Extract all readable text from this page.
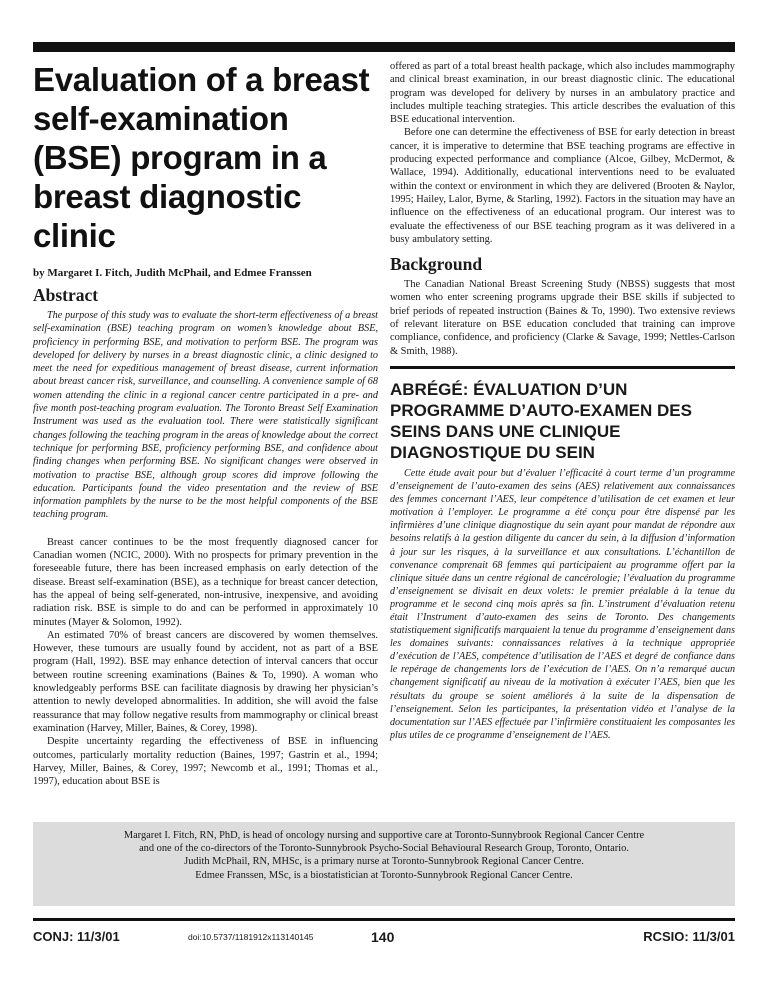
Evaluation of a breast self-examination (BSE) program in a breast diagnostic clinic
by Margaret I. Fitch, Judith McPhail, and Edmee Franssen
Abstract

The purpose of this study was to evaluate the short-term effectiveness of a breast self-examination (BSE) teaching program on women’s knowledge about BSE, proficiency in performing BSE, and motivation to perform BSE. The program was developed for delivery by nurses in a breast diagnostic clinic, a clinic designed to meet the need for expeditious management of breast disease, current information about breast cancer risk, surveillance, and counselling. A convenience sample of 68 women attending the clinic in a regional cancer centre participated in a pre- and five month post-teaching program evaluation. The Toronto Breast Self Examination Instrument was used as the evaluation tool. There were statistically significant changes following the teaching program in the areas of knowledge about the correct technique for performing BSE, proficiency performing BSE, and confidence about finding changes when performing BSE. No significant changes were observed in motivation to practise BSE, although group scores did improve following the education. Participants found the video presentation and the review of BSE information pamphlets by the nurse to be the most helpful components of the BSE teaching program.

Breast cancer continues to be the most frequently diagnosed cancer for Canadian women (NCIC, 2000). With no prospects for primary prevention in the foreseeable future, there has been increased emphasis on early detection of the disease. Breast self-examination (BSE), as a technique for breast cancer detection, has the appeal of being self-generated, non-intrusive, inexpensive, and avoiding radiation risk. BSE is simple to do and can be performed in approximately 10 minutes (Mayer & Solomon, 1992).

An estimated 70% of breast cancers are discovered by women themselves. However, these tumours are usually found by accident, not as part of a BSE program (Hall, 1992). BSE may enhance detection of interval cancers that occur between routine screening examinations (Baines & To, 1990). A woman who knowledgeably performs BSE can facilitate diagnosis by drawing her physician’s attention to newly developed abnormalities. In addition, she will avoid the false reassurance that may follow negative results from mammography or clinical breast examination (Harvey, Miller, Baines, & Corey, 1998).

Despite uncertainty regarding the effectiveness of BSE in influencing outcomes, particularly mortality reduction (Baines, 1997; Gastrin et al., 1994; Harvey, Miller, Baines, & Corey, 1997; Newcomb et al., 1991; Thomas et al., 1997), education about BSE is

offered as part of a total breast health package, which also includes mammography and clinical breast examination, in our breast diagnostic clinic. The educational program was developed for delivery by nurses in an ambulatory practice and includes multiple teaching strategies. This article describes the evaluation of this BSE educational intervention.

Before one can determine the effectiveness of BSE for early detection in breast cancer, it is imperative to determine that BSE teaching programs are effective in producing expected performance and compliance (Alcoe, Gilbey, McDermot, & Wallace, 1994). Additionally, educational interventions need to be evaluated within the context or environment in which they are delivered (Brooten & Naylor, 1995; Hailey, Lalor, Byrne, & Starling, 1992). Factors in the situation may have an influence on the effectiveness of an educational program. Our interest was to evaluate the effectiveness of our BSE teaching program as it was delivered in a busy ambulatory setting.

Background

The Canadian National Breast Screening Study (NBSS) suggests that most women who enter screening programs upgrade their BSE skills if subjected to brief periods of repeated instruction (Baines & To, 1990). Two extensive reviews of relevant literature on BSE education concluded that training can improve compliance, confidence, and proficiency (Clarke & Savage, 1999; Nettles-Carlson & Smith, 1988).

ABRÉGÉ: ÉVALUATION D’UN PROGRAMME D’AUTO-EXAMEN DES SEINS DANS UNE CLINIQUE DIAGNOSTIQUE DU SEIN

Cette étude avait pour but d’évaluer l’efficacité à court terme d’un programme d’enseignement de l’auto-examen des seins (AES) relativement aux connaissances des femmes concernant l’AES, leur compétence d’utilisation de cet examen et leur motivation à l’employer. Le programme a été conçu pour être dispensé par les infirmières d’une clinique diagnostique du sein ayant pour mandat de répondre aux besoins relatifs à la gestion diligente du cancer du sein, à la diffusion d’information à jour sur les risques, à la surveillance et aux consultations. L’échantillon de convenance comprenait 68 femmes qui participaient au programme offert par la clinique située dans un centre régional de cancérologie; l’évaluation du programme d’enseignement se divisait en deux volets: le premier préalable à la tenue du programme et le second cinq mois après sa fin. L’instrument d’évaluation retenu était l’Instrument d’auto-examen des seins de Toronto. Des changements statistiquement significatifs marquaient la tenue du programme d’enseignement dans les domaines suivants: connaissances relatives à la technique appropriée d’exécution de l’AES, compétence d’utilisation de l’AES et degré de confiance dans le repérage de changements lors de l’exécution de l’AES. On n’a remarqué aucun changement significatif au niveau de la motivation à exécuter l’AES, bien que les résultats du groupe se soient améliorés à la suite de la dispensation de l’enseignement. Selon les participantes, la présentation vidéo et l’analyse de la documentation sur l’AES effectuée par l’infirmière constituaient les composantes les plus utiles de ce programme d’enseignement de l’AES.

Margaret I. Fitch, RN, PhD, is head of oncology nursing and supportive care at Toronto-Sunnybrook Regional Cancer Centre

and one of the co-directors of the Toronto-Sunnybrook Psycho-Social Behavioural Research Group, Toronto, Ontario.

Judith McPhail, RN, MHSc, is a primary nurse at Toronto-Sunnybrook Regional Cancer Centre.

Edmee Franssen, MSc, is a biostatistician at Toronto-Sunnybrook Regional Cancer Centre.

CONJ: 11/3/01	doi:10.5737/1181912x113140145	140	RCSIO: 11/3/01
